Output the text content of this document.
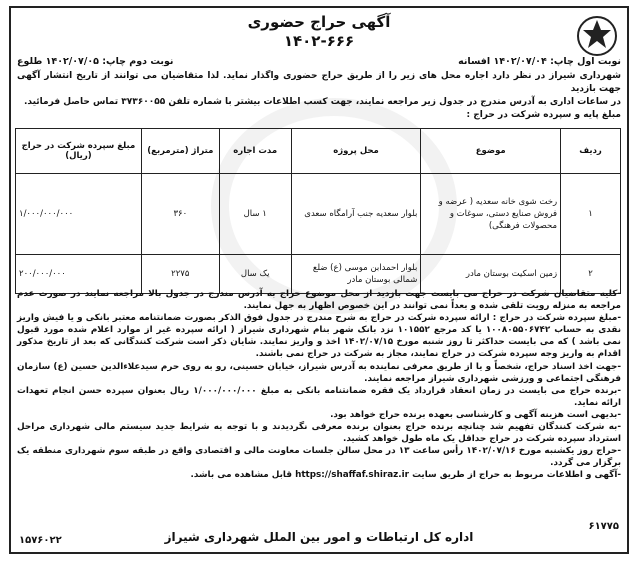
آگهی حراج حضوری
۱۴۰۲-۶۶۶
نوبت اول چاپ: ۱۴۰۲/۰۷/۰۴ افسانه
نوبت دوم چاپ: ۱۴۰۲/۰۷/۰۵ طلوع

شهرداری شیراز در نظر دارد اجاره محل های زیر را از طریق حراج حضوری واگذار نماید. لذا متقاضیان می توانند از تاریخ انتشار آگهی جهت بازدید

در ساعات اداری به آدرس مندرج در جدول زیر مراجعه نمایند، جهت کسب اطلاعات بیشتر با شماره تلفن ۳۷۳۶۰۰۵۵ تماس حاصل فرمائید.

مبلغ پایه و سپرده شرکت در حراج :

ردیف	موضوع	محل پروژه	مدت اجاره	متراژ (مترمربع)	مبلغ سپرده شرکت در حراج (ریال)
۱	رخت شوی خانه سعدیه ( عرضه و فروش صنایع دستی، سوغات و محصولات فرهنگی)	بلوار سعدیه جنب آرامگاه سعدی	۱ سال	۳۶۰	۱/۰۰۰/۰۰۰/۰۰۰
۲	زمین اسکیت بوستان مادر	بلوار احمدابن موسی (ع) ضلع شمالی بوستان مادر	یک سال	۲۲۷۵	۲۰۰/۰۰۰/۰۰۰

-کلیه متقاضیان شرکت در حراج می بایست جهت بازدید از محل موضوع حراج به آدرس مندرج در جدول بالا مراجعه نمایند در صورت عدم مراجعه به منزله رویت تلقی شده و بعداً نمی توانند در این خصوص اظهار به جهل نمایند.

-مبلغ سپرده شرکت در حراج : ارائه سپرده شرکت در حراج به شرح مندرج در جدول فوق الذکر بصورت ضمانتنامه معتبر بانکی و یا فیش واریز نقدی به حساب ۱۰۰۸۰۵۵۰۶۷۴۲ یا کد مرجع ۱۰۱۵۵۲ نزد بانک شهر بنام شهرداری شیراز ( ارائه سپرده غیر از موارد اعلام شده مورد قبول نمی باشد ) که می بایست حداکثر تا روز شنبه مورخ ۱۴۰۲/۰۷/۱۵ اخذ و واریز نمایند. شایان ذکر است شرکت کنندگانی که بعد از تاریخ مذکور اقدام به واریز وجه سپرده شرکت در حراج نمایند، مجاز به شرکت در حراج نمی باشند.

-جهت اخذ اسناد حراج، شخصاً و یا از طریق معرفی نماینده به آدرس شیراز، خیابان حسینی، رو به روی حرم سیدعلاءالدین حسین (ع) سازمان فرهنگی اجتماعی و ورزشی شهرداری شیراز مراجعه نمایند.

-برنده حراج می بایست در زمان انعقاد قرارداد یک فقره ضمانتنامه بانکی به مبلغ ۱/۰۰۰/۰۰۰/۰۰۰ ریال بعنوان سپرده حسن انجام تعهدات ارائه نماید.

-بدیهی است هزینه آگهی و کارشناسی بعهده برنده حراج خواهد بود.

-به شرکت کنندگان تفهیم شد چنانچه برنده حراج بعنوان برنده معرفی نگردیدند و با توجه به شرایط جدید سیستم مالی شهرداری مراحل استرداد سپرده شرکت در حراج حداقل یک ماه طول خواهد کشید.

-حراج روز یکشنبه مورخ ۱۴۰۲/۰۷/۱۶ رأس ساعت ۱۳ در محل سالن جلسات معاونت مالی و اقتصادی واقع در طبقه سوم شهرداری منطقه یک برگزار می گردد.

-آگهی و اطلاعات مربوط به حراج از طریق سایت https://shaffaf.shiraz.ir قابل مشاهده می باشد.

اداره کل ارتباطات و امور بین الملل شهرداری شیراز
۶۱۷۷۵
۱۵۷۶۰۲۲
